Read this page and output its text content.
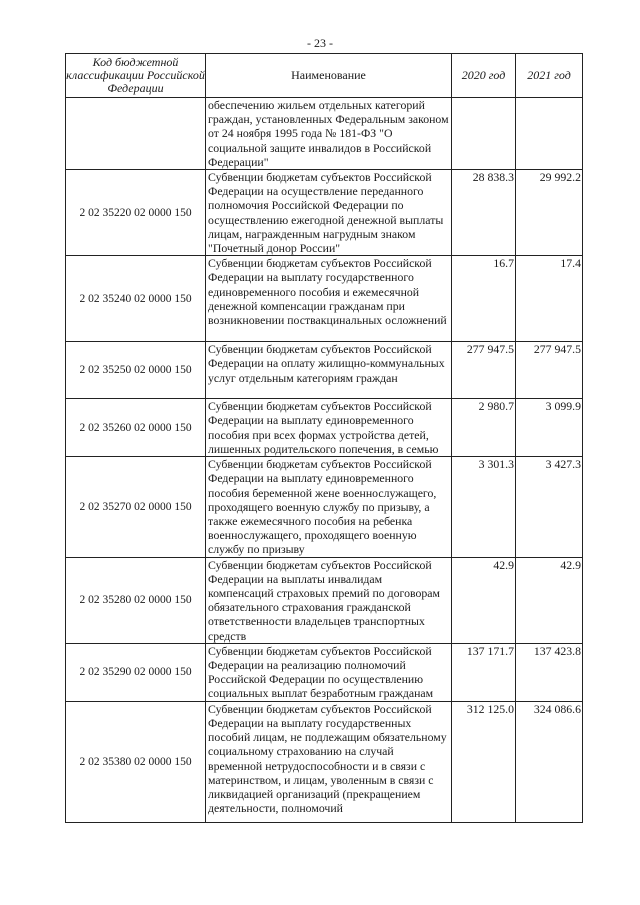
- 23 -
Код бюджетной классификации Российской Федерации	Наименование	2020 год	2021 год
	обеспечению жильем отдельных категорий граждан, установленных Федеральным законом от 24 ноября 1995 года № 181-ФЗ "О социальной защите инвалидов в Российской Федерации"		
2 02 35220 02 0000 150	Субвенции бюджетам субъектов Российской Федерации на осуществление переданного полномочия Российской Федерации по осуществлению ежегодной денежной выплаты лицам, награжденным нагрудным знаком "Почетный донор России"	28 838.3	29 992.2
2 02 35240 02 0000 150	Субвенции бюджетам субъектов Российской Федерации на выплату государственного единовременного пособия и ежемесячной денежной компенсации гражданам при возникновении поствакцинальных осложнений	16.7	17.4
2 02 35250 02 0000 150	Субвенции бюджетам субъектов Российской Федерации на оплату жилищно-коммунальных услуг отдельным категориям граждан	277 947.5	277 947.5
2 02 35260 02 0000 150	Субвенции бюджетам субъектов Российской Федерации на выплату единовременного пособия при всех формах устройства детей, лишенных родительского попечения, в семью	2 980.7	3 099.9
2 02 35270 02 0000 150	Субвенции бюджетам субъектов Российской Федерации на выплату единовременного пособия беременной жене военнослужащего, проходящего военную службу по призыву, а также ежемесячного пособия на ребенка военнослужащего, проходящего военную службу по призыву	3 301.3	3 427.3
2 02 35280 02 0000 150	Субвенции бюджетам субъектов Российской Федерации на выплаты инвалидам компенсаций страховых премий по договорам обязательного страхования гражданской ответственности владельцев транспортных средств	42.9	42.9
2 02 35290 02 0000 150	Субвенции бюджетам субъектов Российской Федерации на реализацию полномочий Российской Федерации по осуществлению социальных выплат безработным гражданам	137 171.7	137 423.8
2 02 35380 02 0000 150	Субвенции бюджетам субъектов Российской Федерации на выплату государственных пособий лицам, не подлежащим обязательному социальному страхованию на случай временной нетрудоспособности и в связи с материнством, и лицам, уволенным в связи с ликвидацией организаций (прекращением деятельности, полномочий	312 125.0	324 086.6
